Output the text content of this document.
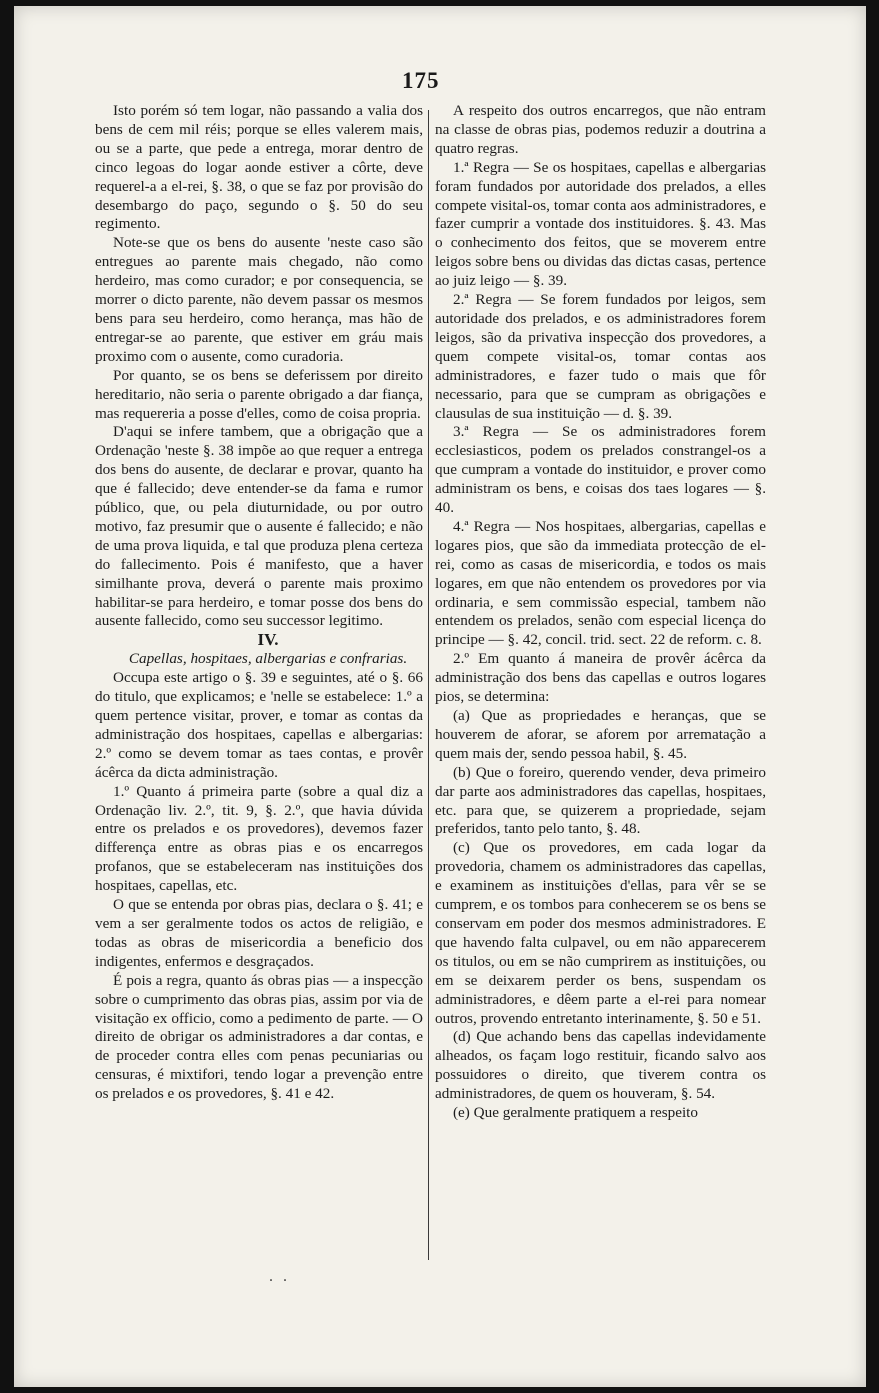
175

Isto porém só tem logar, não passando a valia dos bens de cem mil réis; porque se elles valerem mais, ou se a parte, que pede a entrega, morar dentro de cinco legoas do logar aonde estiver a côrte, deve requerel-a a el-rei, §. 38, o que se faz por provisão do desembargo do paço, segundo o §. 50 do seu regimento.

Note-se que os bens do ausente 'neste caso são entregues ao parente mais chegado, não como herdeiro, mas como curador; e por consequencia, se morrer o dicto parente, não devem passar os mesmos bens para seu herdeiro, como herança, mas hão de entregar-se ao parente, que estiver em gráu mais proximo com o ausente, como curadoria.

Por quanto, se os bens se deferissem por direito hereditario, não seria o parente obrigado a dar fiança, mas requereria a posse d'elles, como de coisa propria.

D'aqui se infere tambem, que a obrigação que a Ordenação 'neste §. 38 impõe ao que requer a entrega dos bens do ausente, de declarar e provar, quanto ha que é fallecido; deve entender-se da fama e rumor público, que, ou pela diuturnidade, ou por outro motivo, faz presumir que o ausente é fallecido; e não de uma prova liquida, e tal que produza plena certeza do fallecimento. Pois é manifesto, que a haver similhante prova, deverá o parente mais proximo habilitar-se para herdeiro, e tomar posse dos bens do ausente fallecido, como seu successor legitimo.

IV.

Capellas, hospitaes, albergarias e confrarias.

Occupa este artigo o §. 39 e seguintes, até o §. 66 do titulo, que explicamos; e 'nelle se estabelece: 1.º a quem pertence visitar, prover, e tomar as contas da administração dos hospitaes, capellas e albergarias: 2.º como se devem tomar as taes contas, e provêr ácêrca da dicta administração.

1.º Quanto á primeira parte (sobre a qual diz a Ordenação liv. 2.º, tit. 9, §. 2.º, que havia dúvida entre os prelados e os provedores), devemos fazer differença entre as obras pias e os encarregos profanos, que se estabeleceram nas instituições dos hospitaes, capellas, etc.

O que se entenda por obras pias, declara o §. 41; e vem a ser geralmente todos os actos de religião, e todas as obras de misericordia a beneficio dos indigentes, enfermos e desgraçados.

É pois a regra, quanto ás obras pias — a inspecção sobre o cumprimento das obras pias, assim por via de visitação ex officio, como a pedimento de parte. — O direito de obrigar os administradores a dar contas, e de proceder contra elles com penas pecuniarias ou censuras, é mixtifori, tendo logar a prevenção entre os prelados e os provedores, §. 41 e 42.

A respeito dos outros encarregos, que não entram na classe de obras pias, podemos reduzir a doutrina a quatro regras.

1.ª Regra — Se os hospitaes, capellas e albergarias foram fundados por autoridade dos prelados, a elles compete visital-os, tomar conta aos administradores, e fazer cumprir a vontade dos instituidores. §. 43. Mas o conhecimento dos feitos, que se moverem entre leigos sobre bens ou dividas das dictas casas, pertence ao juiz leigo — §. 39.

2.ª Regra — Se forem fundados por leigos, sem autoridade dos prelados, e os administradores forem leigos, são da privativa inspecção dos provedores, a quem compete visital-os, tomar contas aos administradores, e fazer tudo o mais que fôr necessario, para que se cumpram as obrigações e clausulas de sua instituição — d. §. 39.

3.ª Regra — Se os administradores forem ecclesiasticos, podem os prelados constrangel-os a que cumpram a vontade do instituidor, e prover como administram os bens, e coisas dos taes logares — §. 40.

4.ª Regra — Nos hospitaes, albergarias, capellas e logares pios, que são da immediata protecção de el-rei, como as casas de misericordia, e todos os mais logares, em que não entendem os provedores por via ordinaria, e sem commissão especial, tambem não entendem os prelados, senão com especial licença do principe — §. 42, concil. trid. sect. 22 de reform. c. 8.

2.º Em quanto á maneira de provêr ácêrca da administração dos bens das capellas e outros logares pios, se determina:

(a) Que as propriedades e heranças, que se houverem de aforar, se aforem por arrematação a quem mais der, sendo pessoa habil, §. 45.

(b) Que o foreiro, querendo vender, deva primeiro dar parte aos administradores das capellas, hospitaes, etc. para que, se quizerem a propriedade, sejam preferidos, tanto pelo tanto, §. 48.

(c) Que os provedores, em cada logar da provedoria, chamem os administradores das capellas, e examinem as instituições d'ellas, para vêr se se cumprem, e os tombos para conhecerem se os bens se conservam em poder dos mesmos administradores. E que havendo falta culpavel, ou em não apparecerem os titulos, ou em se não cumprirem as instituições, ou em se deixarem perder os bens, suspendam os administradores, e dêem parte a el-rei para nomear outros, provendo entretanto interinamente, §. 50 e 51.

(d) Que achando bens das capellas indevidamente alheados, os façam logo restituir, ficando salvo aos possuidores o direito, que tiverem contra os administradores, de quem os houveram, §. 54.

(e) Que geralmente pratiquem a respeito

. .
